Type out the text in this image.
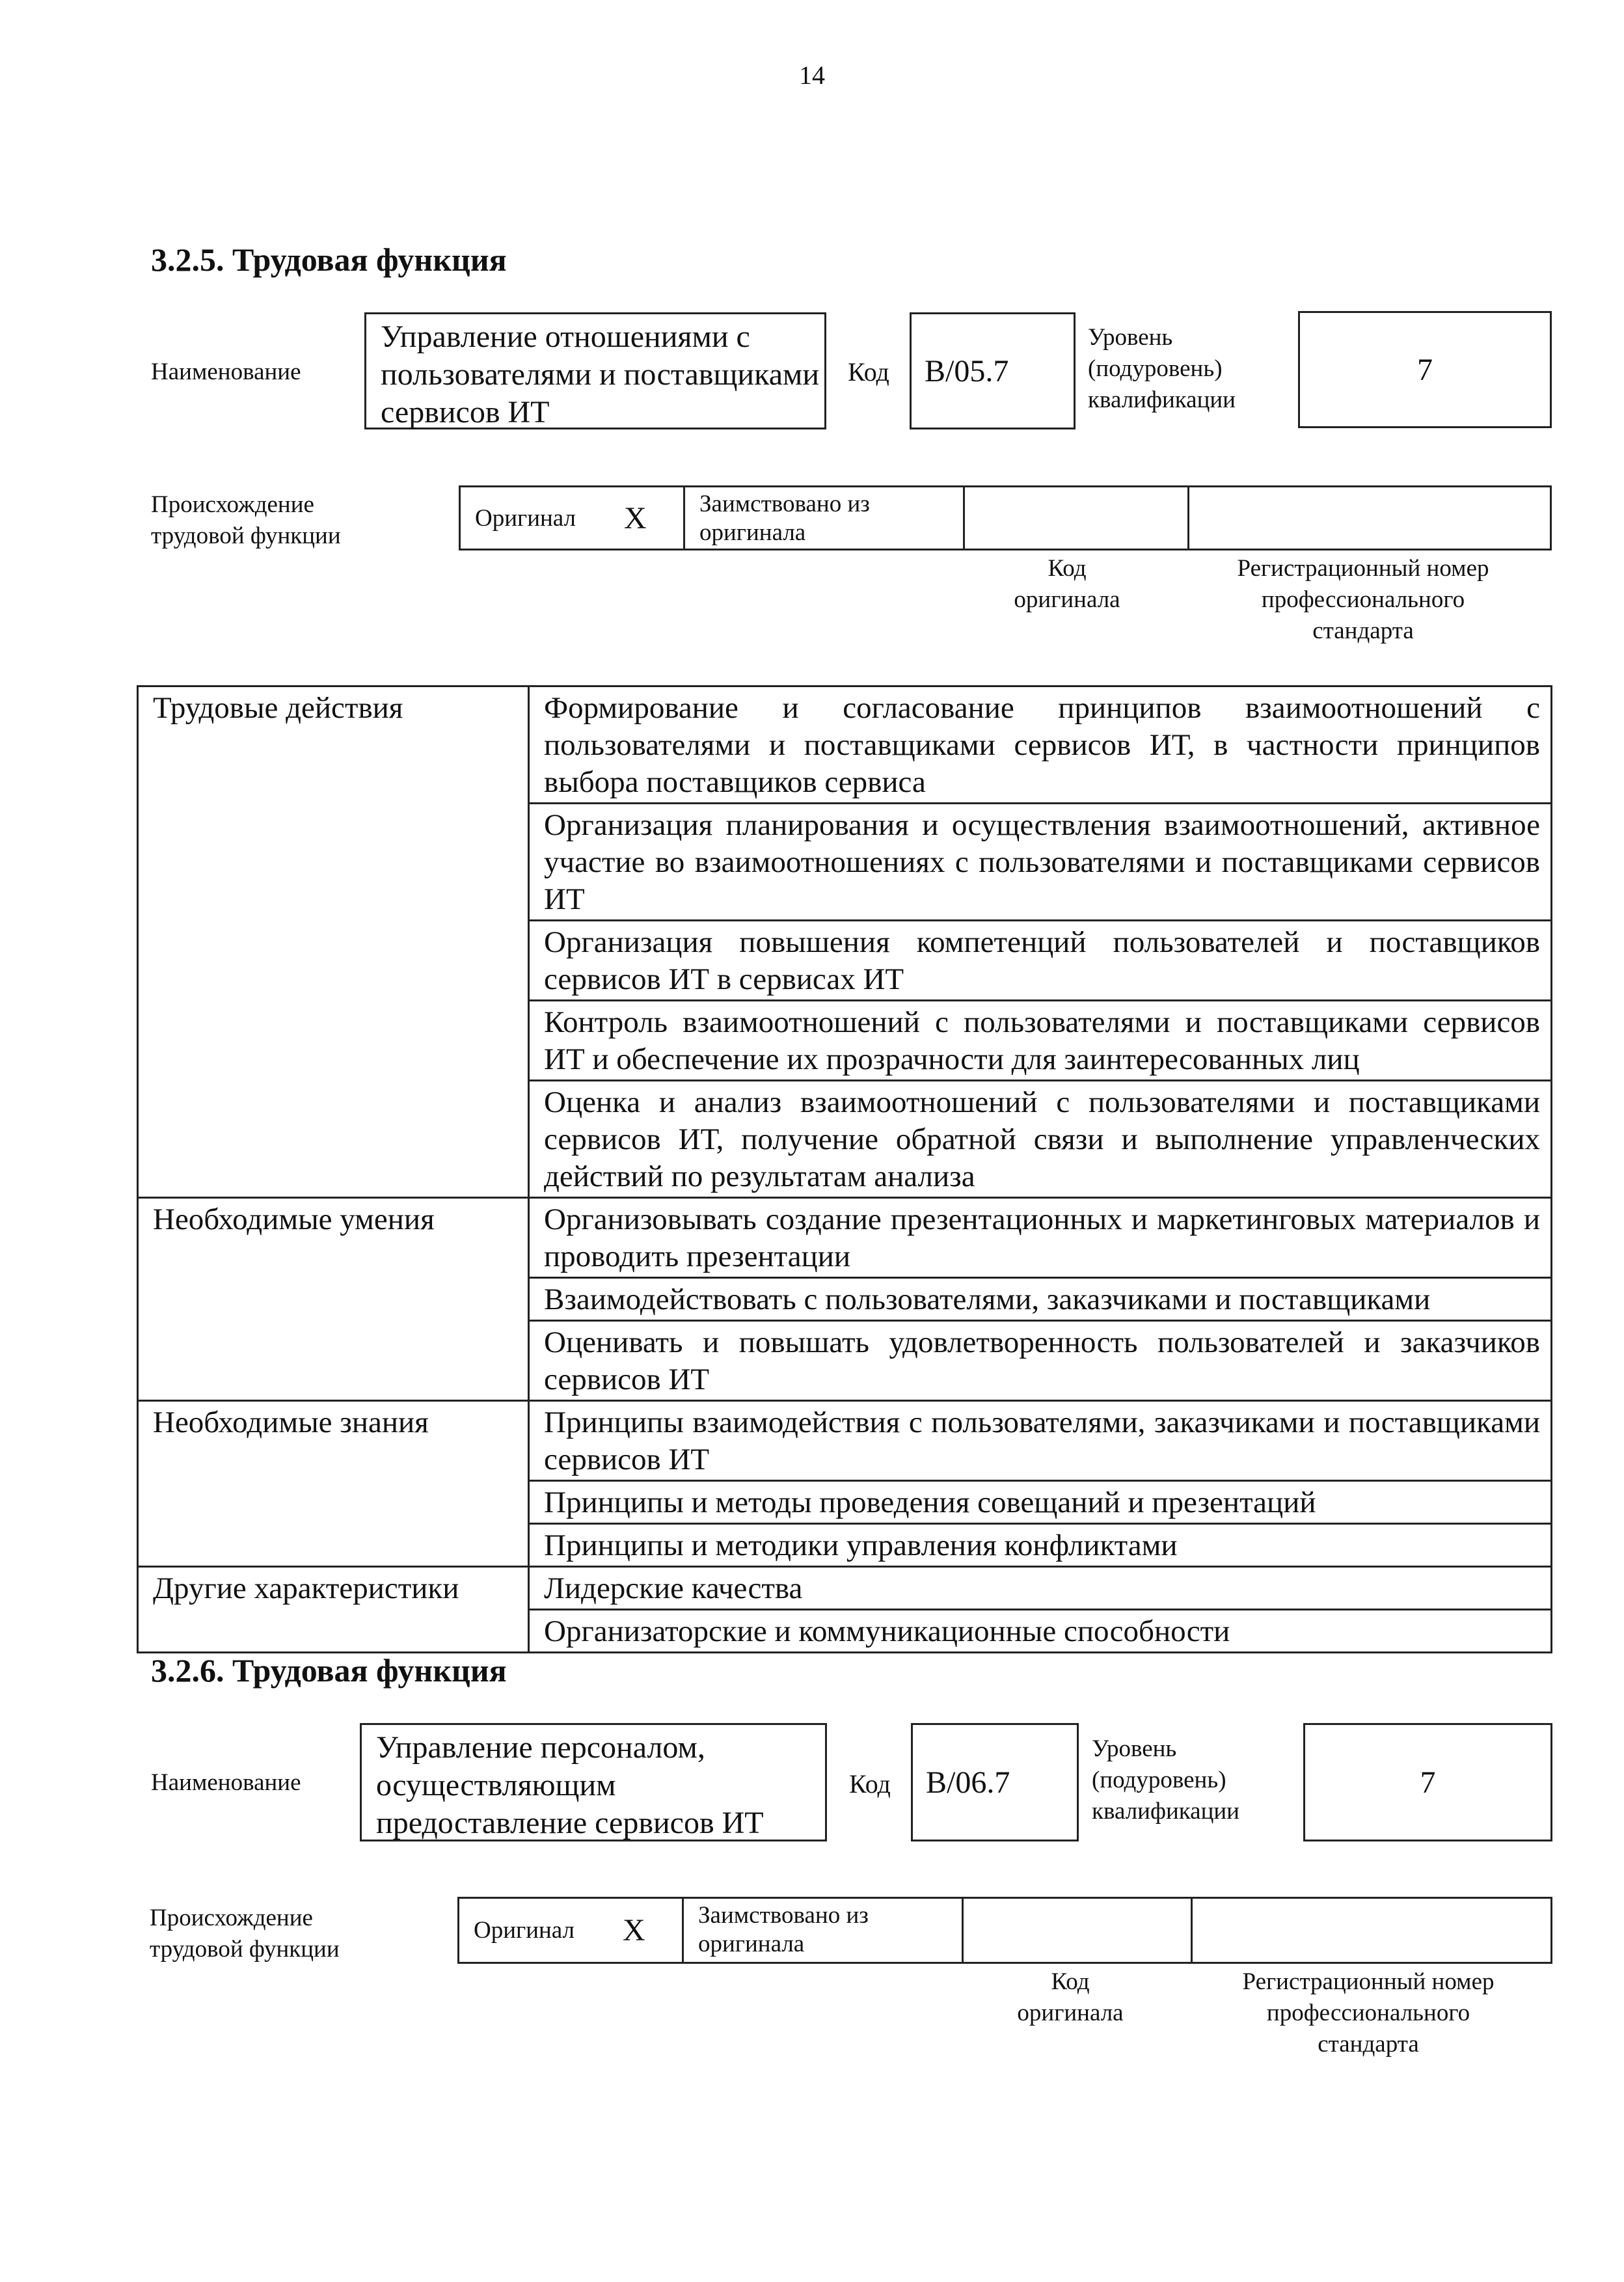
14
3.2.5. Трудовая функция
Наименование
Управление отношениями с пользователями и поставщиками сервисов ИТ
Код B/05.7
Уровень (подуровень) квалификации
7
Происхождение трудовой функции
Оригинал X	Заимствовано из оригинала
Код оригинала
Регистрационный номер профессионального стандарта
Трудовые действия	Формирование и согласование принципов взаимоотношений с пользователями и поставщиками сервисов ИТ, в частности принципов выбора поставщиков сервиса
	Организация планирования и осуществления взаимоотношений, активное участие во взаимоотношениях с пользователями и поставщиками сервисов ИТ
	Организация повышения компетенций пользователей и поставщиков сервисов ИТ в сервисах ИТ
	Контроль взаимоотношений с пользователями и поставщиками сервисов ИТ и обеспечение их прозрачности для заинтересованных лиц
	Оценка и анализ взаимоотношений с пользователями и поставщиками сервисов ИТ, получение обратной связи и выполнение управленческих действий по результатам анализа
Необходимые умения	Организовывать создание презентационных и маркетинговых материалов и проводить презентации
	Взаимодействовать с пользователями, заказчиками и поставщиками
	Оценивать и повышать удовлетворенность пользователей и заказчиков сервисов ИТ
Необходимые знания	Принципы взаимодействия с пользователями, заказчиками и поставщиками сервисов ИТ
	Принципы и методы проведения совещаний и презентаций
	Принципы и методики управления конфликтами
Другие характеристики	Лидерские качества
	Организаторские и коммуникационные способности
3.2.6. Трудовая функция
Наименование
Управление персоналом, осуществляющим предоставление сервисов ИТ
Код B/06.7
Уровень (подуровень) квалификации
7
Происхождение трудовой функции
Оригинал X	Заимствовано из оригинала
Код оригинала
Регистрационный номер профессионального стандарта
